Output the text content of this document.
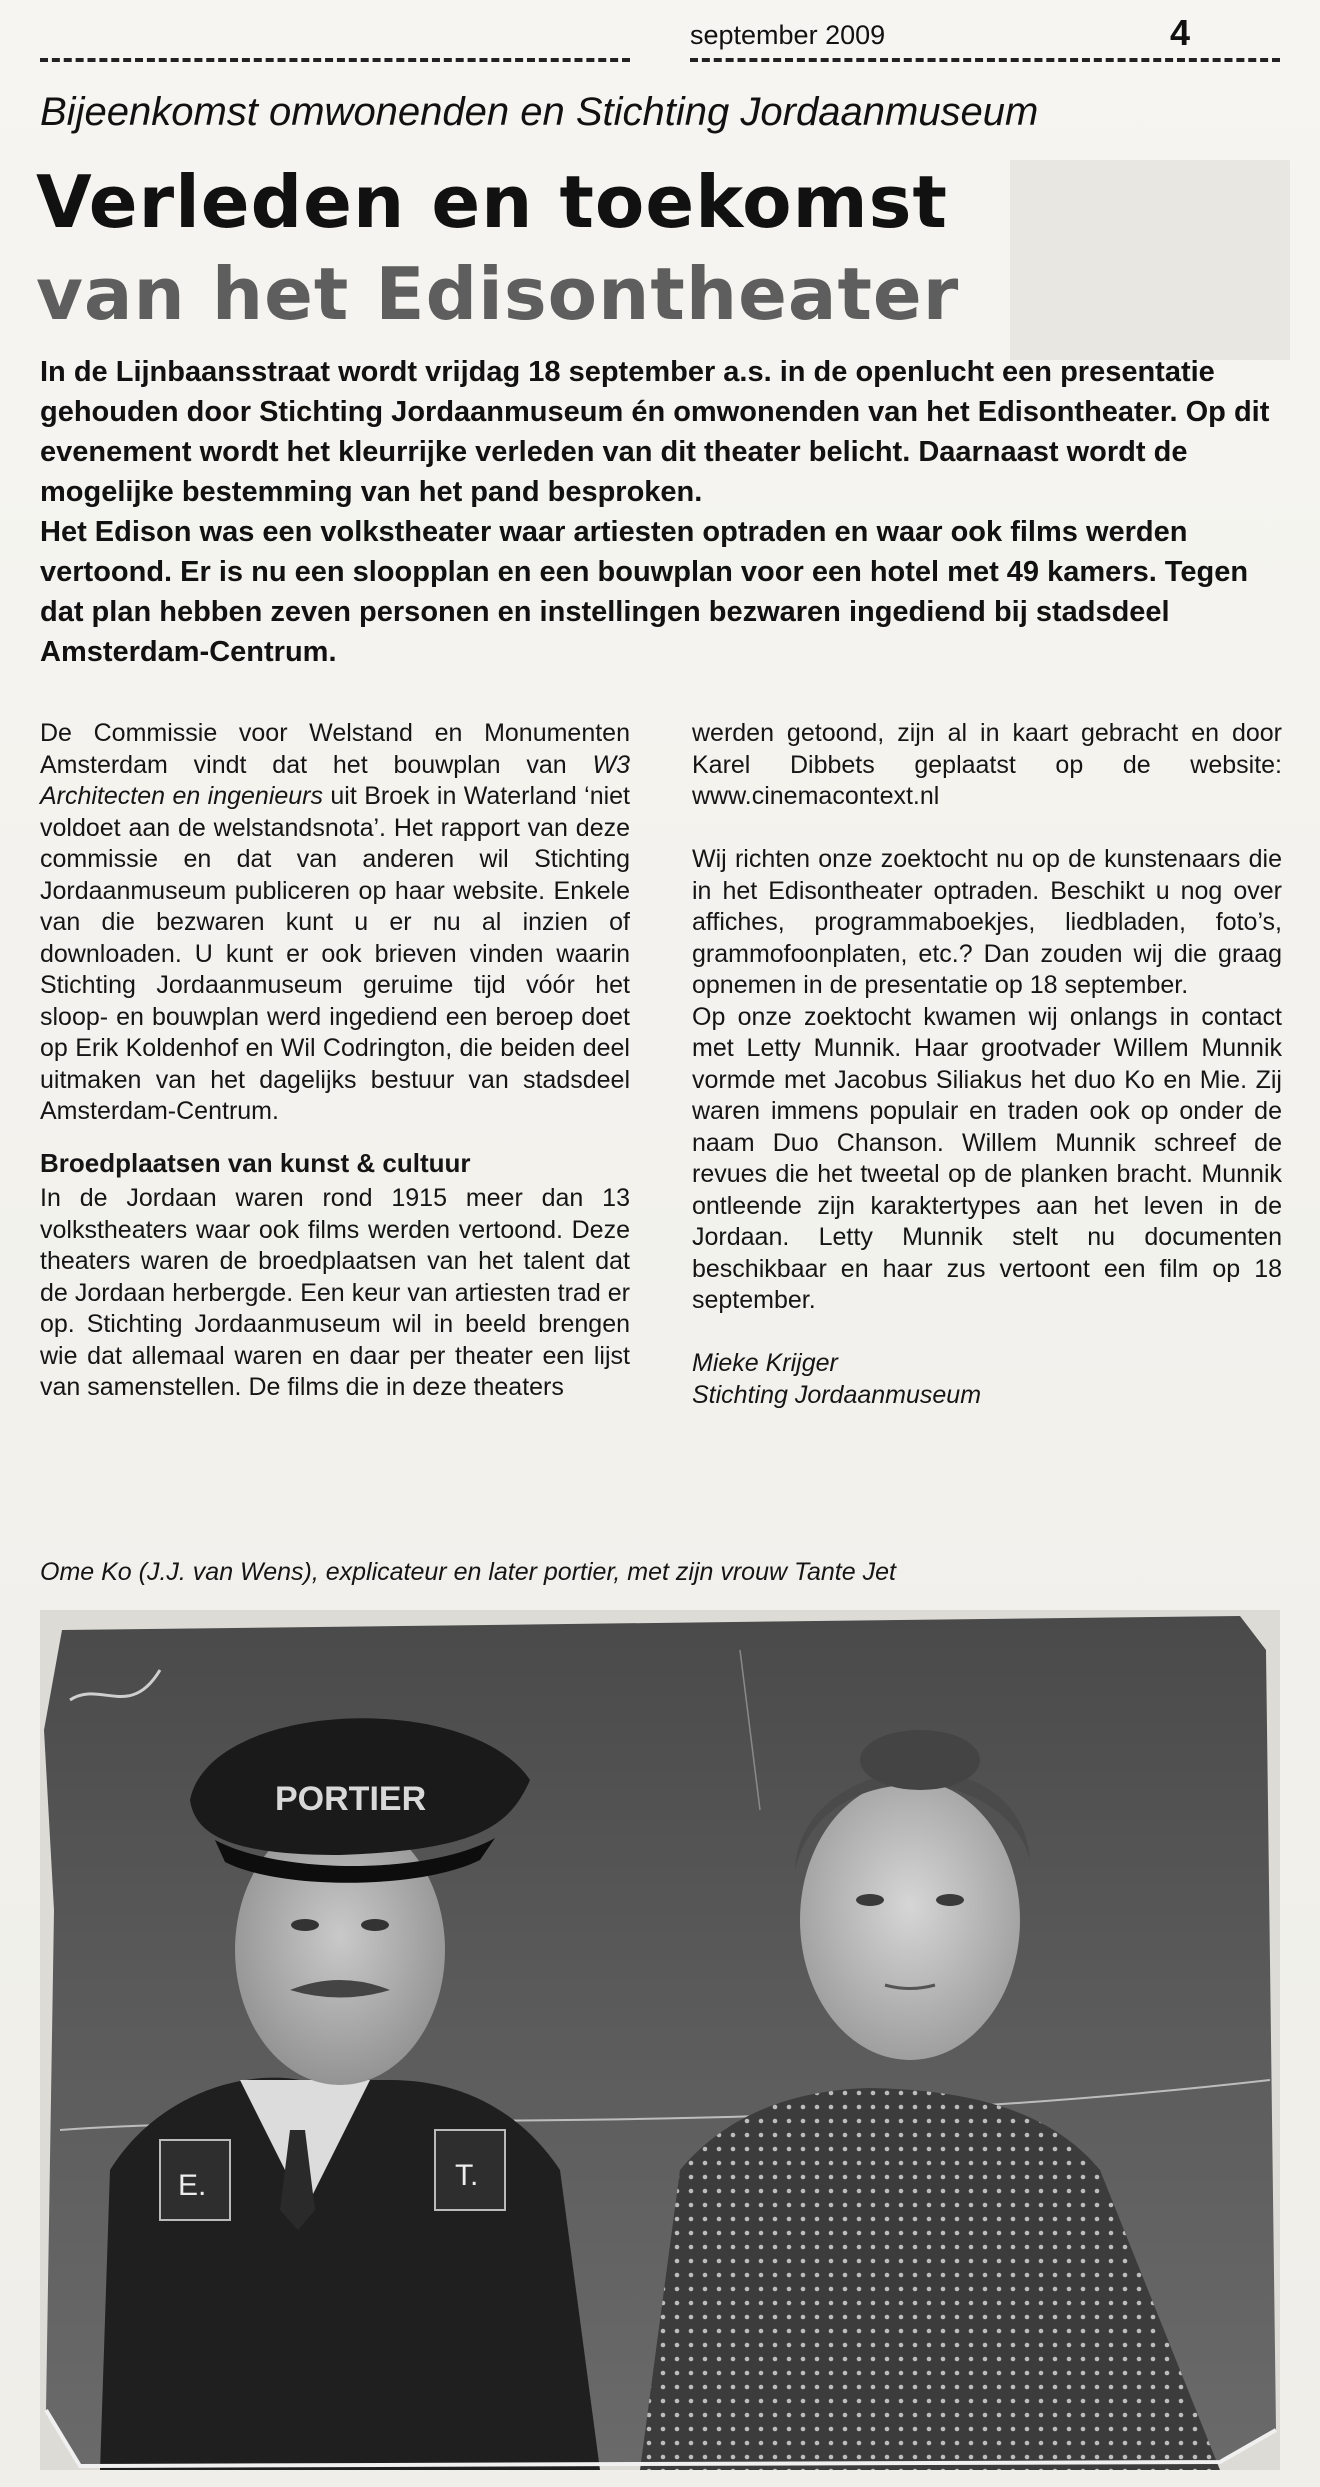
september 2009	4
Bijeenkomst omwonenden en Stichting Jordaanmuseum
Verleden en toekomst
van het Edisontheater

In de Lijnbaansstraat wordt vrijdag 18 september a.s. in de openlucht een presentatie gehouden door Stichting Jordaanmuseum én omwonenden van het Edisontheater. Op dit evenement wordt het kleurrijke verleden van dit theater belicht. Daarnaast wordt de mogelijke bestemming van het pand besproken.

Het Edison was een volkstheater waar artiesten optraden en waar ook films werden vertoond. Er is nu een sloopplan en een bouwplan voor een hotel met 49 kamers. Tegen dat plan hebben zeven personen en instellingen bezwaren ingediend bij stadsdeel Amsterdam-Centrum.

De Commissie voor Welstand en Monumenten Amsterdam vindt dat het bouwplan van W3 Architecten en ingenieurs uit Broek in Waterland ‘niet voldoet aan de welstandsnota’. Het rapport van deze commissie en dat van anderen wil Stichting Jordaanmuseum publiceren op haar website. Enkele van die bezwaren kunt u er nu al inzien of downloaden. U kunt er ook brieven vinden waarin Stichting Jordaanmuseum geruime tijd vóór het sloop- en bouwplan werd ingediend een beroep doet op Erik Koldenhof en Wil Codrington, die beiden deel uitmaken van het dagelijks bestuur van stadsdeel Amsterdam-Centrum.

Broedplaatsen van kunst & cultuur

In de Jordaan waren rond 1915 meer dan 13 volkstheaters waar ook films werden vertoond. Deze theaters waren de broedplaatsen van het talent dat de Jordaan herbergde. Een keur van artiesten trad er op. Stichting Jordaanmuseum wil in beeld brengen wie dat allemaal waren en daar per theater een lijst van samenstellen. De films die in deze theaters

werden getoond, zijn al in kaart gebracht en door Karel Dibbets geplaatst op de website: www.cinemacontext.nl

Wij richten onze zoektocht nu op de kunstenaars die in het Edisontheater optraden. Beschikt u nog over affiches, programmaboekjes, liedbladen, foto’s, grammofoonplaten, etc.? Dan zouden wij die graag opnemen in de presentatie op 18 september.

Op onze zoektocht kwamen wij onlangs in contact met Letty Munnik. Haar grootvader Willem Munnik vormde met Jacobus Siliakus het duo Ko en Mie. Zij waren immens populair en traden ook op onder de naam Duo Chanson. Willem Munnik schreef de revues die het tweetal op de planken bracht. Munnik ontleende zijn karaktertypes aan het leven in de Jordaan. Letty Munnik stelt nu documenten beschikbaar en haar zus vertoont een film op 18 september.

Mieke Krijger

Stichting Jordaanmuseum

Ome Ko (J.J. van Wens), explicateur en later portier, met zijn vrouw Tante Jet
E.	T.
PORTIER
